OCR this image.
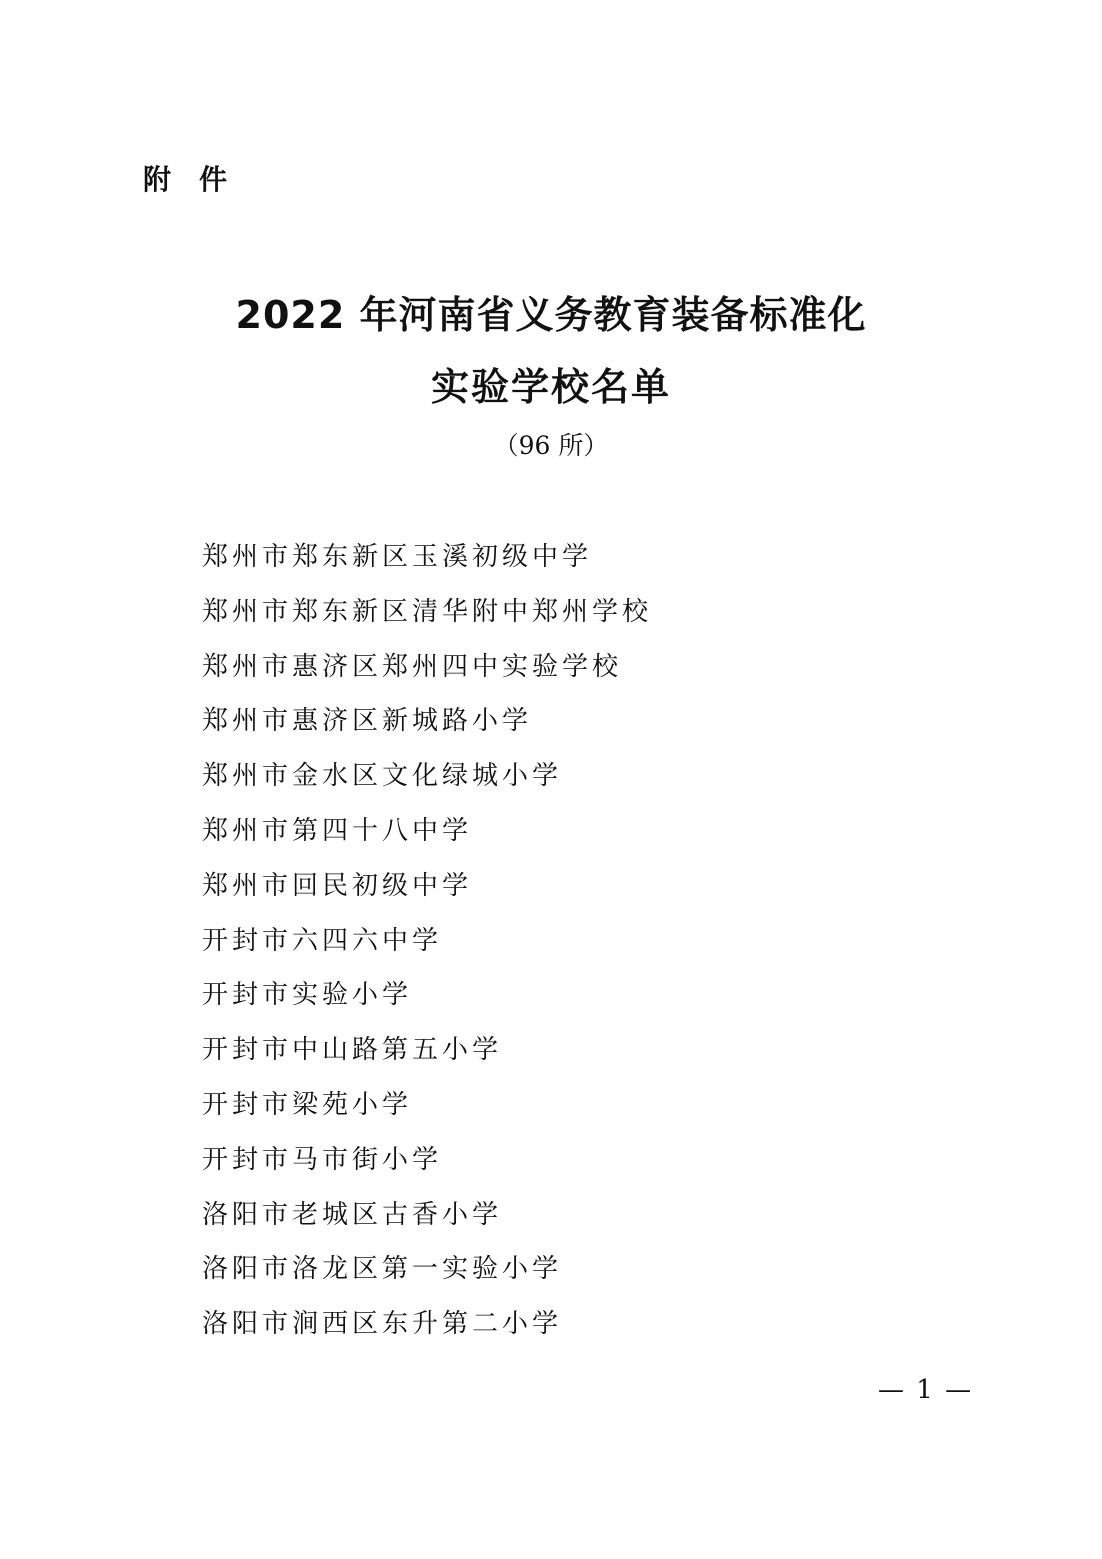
附件
2022 年河南省义务教育装备标准化
实验学校名单
（96 所）
郑州市郑东新区玉溪初级中学
郑州市郑东新区清华附中郑州学校
郑州市惠济区郑州四中实验学校
郑州市惠济区新城路小学
郑州市金水区文化绿城小学
郑州市第四十八中学
郑州市回民初级中学
开封市六四六中学
开封市实验小学
开封市中山路第五小学
开封市梁苑小学
开封市马市街小学
洛阳市老城区古香小学
洛阳市洛龙区第一实验小学
洛阳市涧西区东升第二小学
— 1 —
